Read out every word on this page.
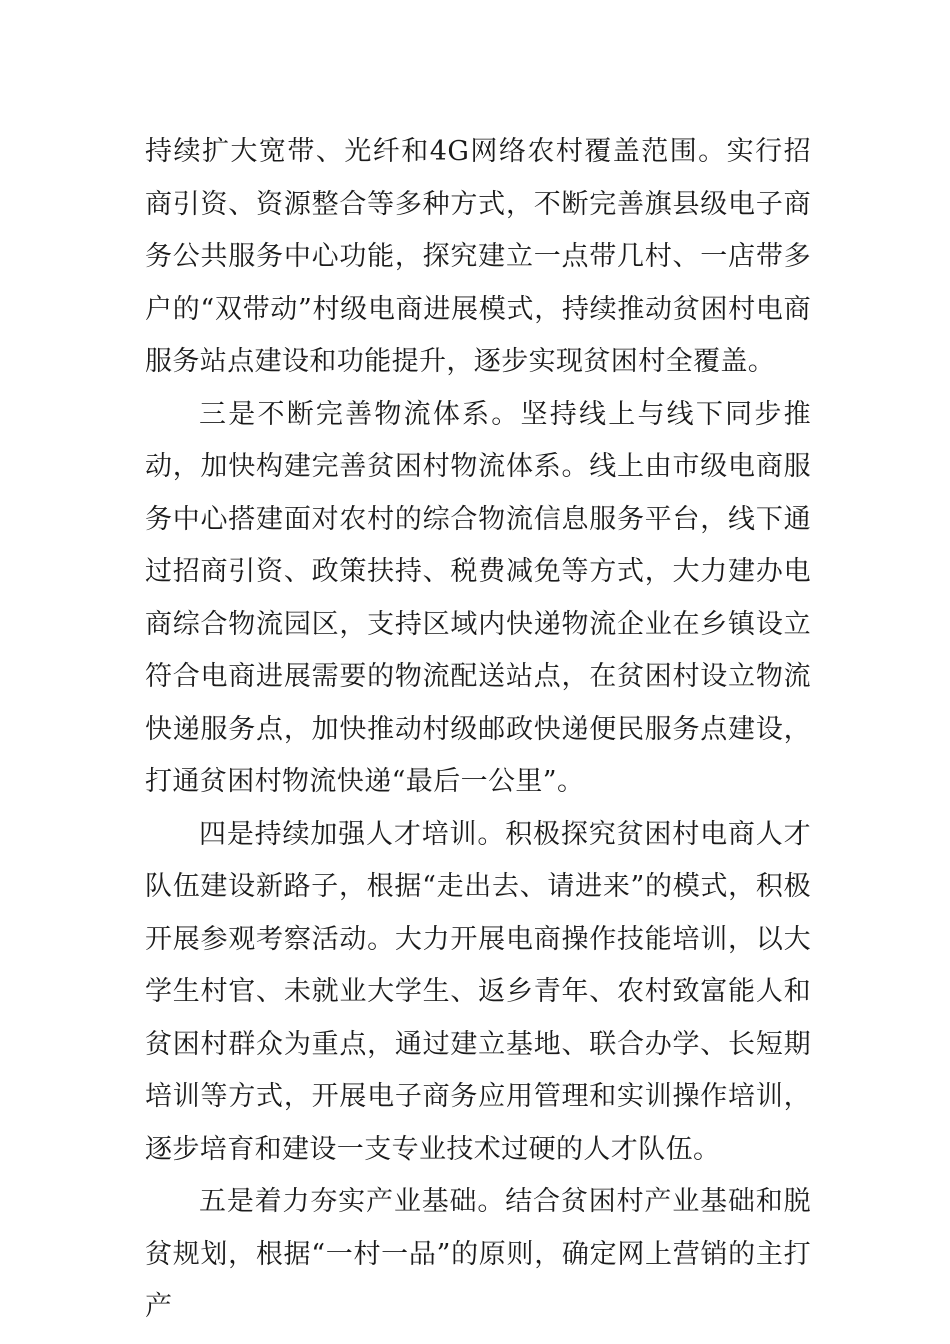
持续扩大宽带、光纤和4G网络农村覆盖范围。实行招商引资、资源整合等多种方式，不断完善旗县级电子商务公共服务中心功能，探究建立一点带几村、一店带多户的“双带动”村级电商进展模式，持续推动贫困村电商服务站点建设和功能提升，逐步实现贫困村全覆盖。

三是不断完善物流体系。坚持线上与线下同步推动，加快构建完善贫困村物流体系。线上由市级电商服务中心搭建面对农村的综合物流信息服务平台，线下通过招商引资、政策扶持、税费减免等方式，大力建办电商综合物流园区，支持区域内快递物流企业在乡镇设立符合电商进展需要的物流配送站点，在贫困村设立物流快递服务点，加快推动村级邮政快递便民服务点建设，打通贫困村物流快递“最后一公里”。

四是持续加强人才培训。积极探究贫困村电商人才队伍建设新路子，根据“走出去、请进来”的模式，积极开展参观考察活动。大力开展电商操作技能培训，以大学生村官、未就业大学生、返乡青年、农村致富能人和贫困村群众为重点，通过建立基地、联合办学、长短期培训等方式，开展电子商务应用管理和实训操作培训，逐步培育和建设一支专业技术过硬的人才队伍。

五是着力夯实产业基础。结合贫困村产业基础和脱贫规划，根据“一村一品”的原则，确定网上营销的主打产
